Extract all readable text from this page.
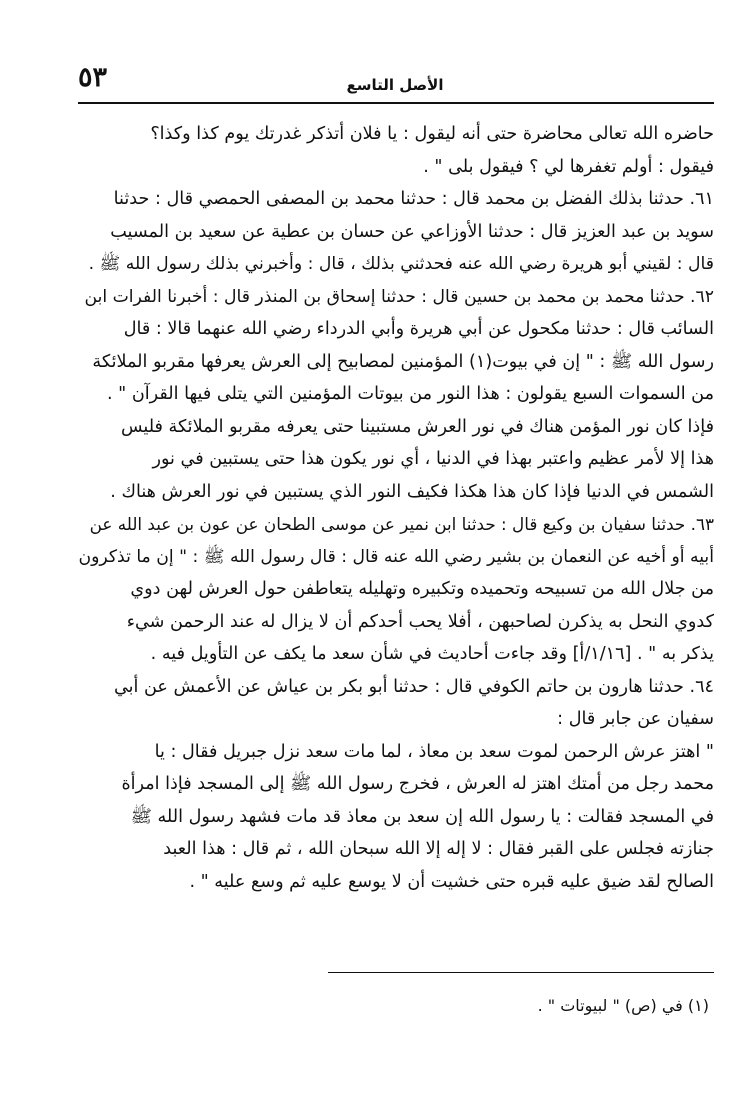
٥٣	الأصل التاسع
حاضره الله تعالى محاضرة حتى أنه ليقول : يا فلان أتذكر غدرتك يوم كذا وكذا؟
فيقول : أولم تغفرها لي ؟ فيقول بلى " .
٦١. حدثنا بذلك الفضل بن محمد قال : حدثنا محمد بن المصفى الحمصي قال : حدثنا
سويد بن عبد العزيز قال : حدثنا الأوزاعي عن حسان بن عطية عن سعيد بن المسيب
قال : لقيني أبو هريرة رضي الله عنه فحدثني بذلك ، قال : وأخبرني بذلك رسول الله ﷺ .
٦٢. حدثنا محمد بن محمد بن حسين قال : حدثنا إسحاق بن المنذر قال : أخبرنا الفرات ابن
السائب قال : حدثنا مكحول عن أبي هريرة وأبي الدرداء رضي الله عنهما قالا : قال
رسول الله ﷺ : " إن في بيوت(١) المؤمنين لمصابيح إلى العرش يعرفها مقربو الملائكة
من السموات السبع يقولون : هذا النور من بيوتات المؤمنين التي يتلى فيها القرآن " .
فإذا كان نور المؤمن هناك في نور العرش مستبينا حتى يعرفه مقربو الملائكة فليس
هذا إلا لأمر عظيم واعتبر بهذا في الدنيا ، أي نور يكون هذا حتى يستبين في نور
الشمس في الدنيا فإذا كان هذا هكذا فكيف النور الذي يستبين في نور العرش هناك .
٦٣. حدثنا سفيان بن وكيع قال : حدثنا ابن نمير عن موسى الطحان عن عون بن عبد الله عن
أبيه أو أخيه عن النعمان بن بشير رضي الله عنه قال : قال رسول الله ﷺ : " إن ما تذكرون
من جلال الله من تسبيحه وتحميده وتكبيره وتهليله يتعاطفن حول العرش لهن دوي
كدوي النحل به يذكرن لصاحبهن ، أفلا يحب أحدكم أن لا يزال له عند الرحمن شيء
يذكر به " . [١/١٦/أ] وقد جاءت أحاديث في شأن سعد ما يكف عن التأويل فيه .
٦٤. حدثنا هارون بن حاتم الكوفي قال : حدثنا أبو بكر بن عياش عن الأعمش عن أبي
سفيان عن جابر قال :
" اهتز عرش الرحمن لموت سعد بن معاذ ، لما مات سعد نزل جبريل فقال : يا
محمد رجل من أمتك اهتز له العرش ، فخرج رسول الله ﷺ إلى المسجد فإذا امرأة
في المسجد فقالت : يا رسول الله إن سعد بن معاذ قد مات فشهد رسول الله ﷺ
جنازته فجلس على القبر فقال : لا إله إلا الله سبحان الله ، ثم قال : هذا العبد
الصالح لقد ضيق عليه قبره حتى خشيت أن لا يوسع عليه ثم وسع عليه " .
(١) في (ص) " لبيوتات " .
